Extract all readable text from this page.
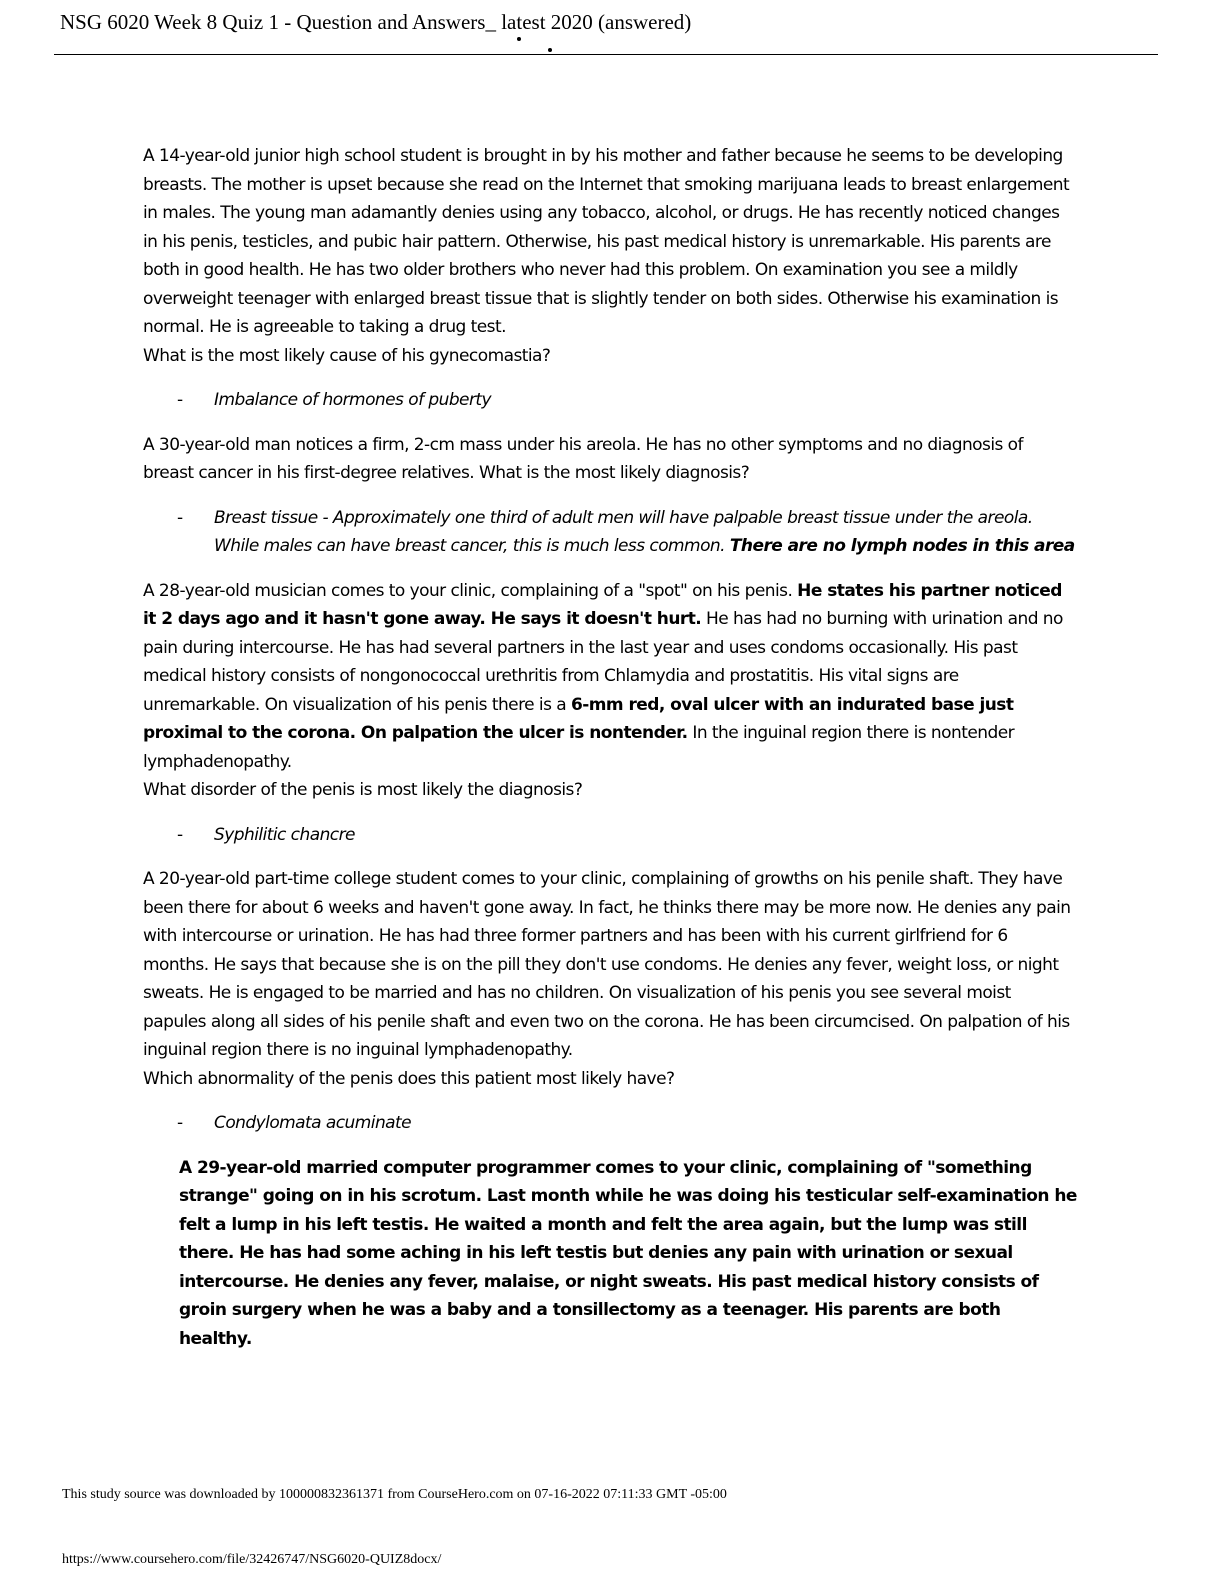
NSG 6020 Week 8 Quiz 1 - Question and Answers_ latest 2020 (answered)

A 14-year-old junior high school student is brought in by his mother and father because he seems to be developing breasts. The mother is upset because she read on the Internet that smoking marijuana leads to breast enlargement in males. The young man adamantly denies using any tobacco, alcohol, or drugs. He has recently noticed changes in his penis, testicles, and pubic hair pattern. Otherwise, his past medical history is unremarkable. His parents are both in good health. He has two older brothers who never had this problem. On examination you see a mildly overweight teenager with enlarged breast tissue that is slightly tender on both sides. Otherwise his examination is normal. He is agreeable to taking a drug test.

What is the most likely cause of his gynecomastia?

- Imbalance of hormones of puberty

A 30-year-old man notices a firm, 2-cm mass under his areola. He has no other symptoms and no diagnosis of breast cancer in his first-degree relatives. What is the most likely diagnosis?

- Breast tissue - Approximately one third of adult men will have palpable breast tissue under the areola. While males can have breast cancer, this is much less common. There are no lymph nodes in this area

A 28-year-old musician comes to your clinic, complaining of a "spot" on his penis. He states his partner noticed it 2 days ago and it hasn't gone away. He says it doesn't hurt. He has had no burning with urination and no pain during intercourse. He has had several partners in the last year and uses condoms occasionally. His past medical history consists of nongonococcal urethritis from Chlamydia and prostatitis. His vital signs are unremarkable. On visualization of his penis there is a 6-mm red, oval ulcer with an indurated base just proximal to the corona. On palpation the ulcer is nontender. In the inguinal region there is nontender lymphadenopathy.

What disorder of the penis is most likely the diagnosis?

- Syphilitic chancre

A 20-year-old part-time college student comes to your clinic, complaining of growths on his penile shaft. They have been there for about 6 weeks and haven't gone away. In fact, he thinks there may be more now. He denies any pain with intercourse or urination. He has had three former partners and has been with his current girlfriend for 6 months. He says that because she is on the pill they don't use condoms. He denies any fever, weight loss, or night sweats. He is engaged to be married and has no children. On visualization of his penis you see several moist papules along all sides of his penile shaft and even two on the corona. He has been circumcised. On palpation of his inguinal region there is no inguinal lymphadenopathy.

Which abnormality of the penis does this patient most likely have?

- Condylomata acuminate

A 29-year-old married computer programmer comes to your clinic, complaining of "something strange" going on in his scrotum. Last month while he was doing his testicular self-examination he felt a lump in his left testis. He waited a month and felt the area again, but the lump was still there. He has had some aching in his left testis but denies any pain with urination or sexual intercourse. He denies any fever, malaise, or night sweats. His past medical history consists of groin surgery when he was a baby and a tonsillectomy as a teenager. His parents are both healthy.

This study source was downloaded by 100000832361371 from CourseHero.com on 07-16-2022 07:11:33 GMT -05:00
https://www.coursehero.com/file/32426747/NSG6020-QUIZ8docx/
